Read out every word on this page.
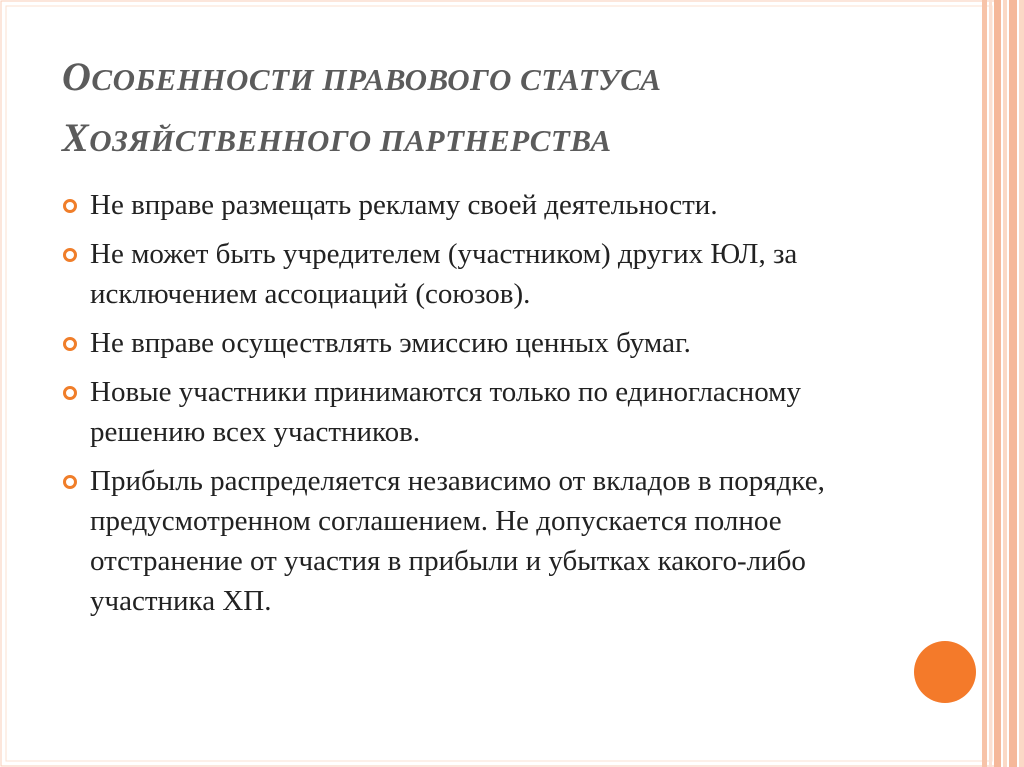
ОСОБЕННОСТИ ПРАВОВОГО СТАТУСА
ХОЗЯЙСТВЕННОГО ПАРТНЕРСТВА
Не вправе размещать рекламу своей деятельности.
Не может быть учредителем (участником) других ЮЛ, за исключением ассоциаций (союзов).
Не вправе осуществлять эмиссию ценных бумаг.
Новые участники принимаются только по единогласному решению всех участников.
Прибыль распределяется независимо от вкладов в порядке, предусмотренном соглашением. Не допускается полное отстранение от участия в прибыли и убытках какого-либо участника ХП.
